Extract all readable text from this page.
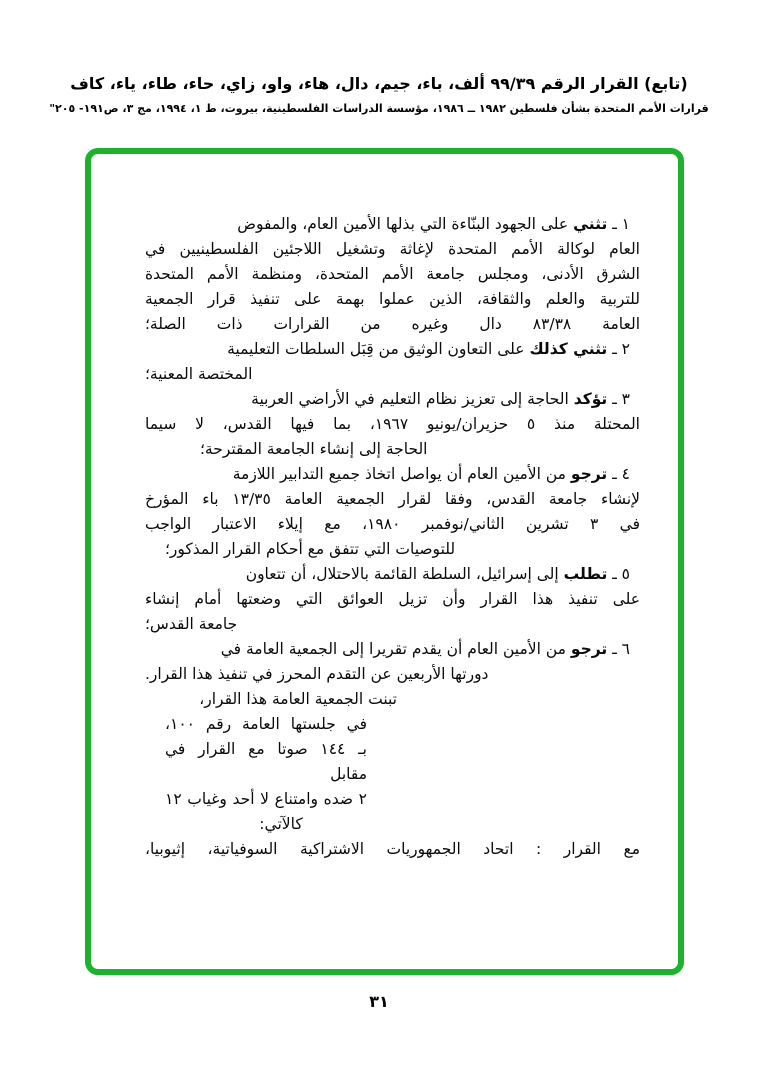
(تابع) القرار الرقم ٩٩/٣٩ ألف، باء، جيم، دال، هاء، واو، زاي، حاء، طاء، ياء، كاف
قرارات الأمم المتحدة بشأن فلسطين ١٩٨٢ ــ ١٩٨٦، مؤسسة الدراسات الفلسطينية، بيروت، ط ١، ١٩٩٤، مج ٣، ص١٩١- ٢٠٥"
١ ـ تثني على الجهود البنّاءة التي بذلها الأمين العام، والمفوض
العام لوكالة الأمم المتحدة لإغاثة وتشغيل اللاجئين الفلسطينيين في
الشرق الأدنى، ومجلس جامعة الأمم المتحدة، ومنظمة الأمم المتحدة
للتربية والعلم والثقافة، الذين عملوا بهمة على تنفيذ قرار الجمعية
العامة ٨٣/٣٨ دال وغيره من القرارات ذات الصلة؛
٢ ـ تثني كذلك على التعاون الوثيق من قِبَل السلطات التعليمية
المختصة المعنية؛
٣ ـ تؤكد الحاجة إلى تعزيز نظام التعليم في الأراضي العربية
المحتلة منذ ٥ حزيران/يونيو ١٩٦٧، بما فيها القدس، لا سيما
الحاجة إلى إنشاء الجامعة المقترحة؛
٤ ـ ترجو من الأمين العام أن يواصل اتخاذ جميع التدابير اللازمة
لإنشاء جامعة القدس، وفقا لقرار الجمعية العامة ١٣/٣٥ باء المؤرخ
في ٣ تشرين الثاني/نوفمبر ١٩٨٠، مع إيلاء الاعتبار الواجب
للتوصيات التي تتفق مع أحكام القرار المذكور؛
٥ ـ تطلب إلى إسرائيل، السلطة القائمة بالاحتلال، أن تتعاون
على تنفيذ هذا القرار وأن تزيل العوائق التي وضعتها أمام إنشاء
جامعة القدس؛
٦ ـ ترجو من الأمين العام أن يقدم تقريرا إلى الجمعية العامة في
دورتها الأربعين عن التقدم المحرز في تنفيذ هذا القرار.
تبنت الجمعية العامة هذا القرار،
في جلستها العامة رقم ١٠٠،
بـ ١٤٤ صوتا مع القرار في مقابل
٢ ضده وامتناع لا أحد وغياب ١٢
كالآتي:
مع القرار : اتحاد الجمهوريات الاشتراكية السوفياتية، إثيوبيا،
٣١
